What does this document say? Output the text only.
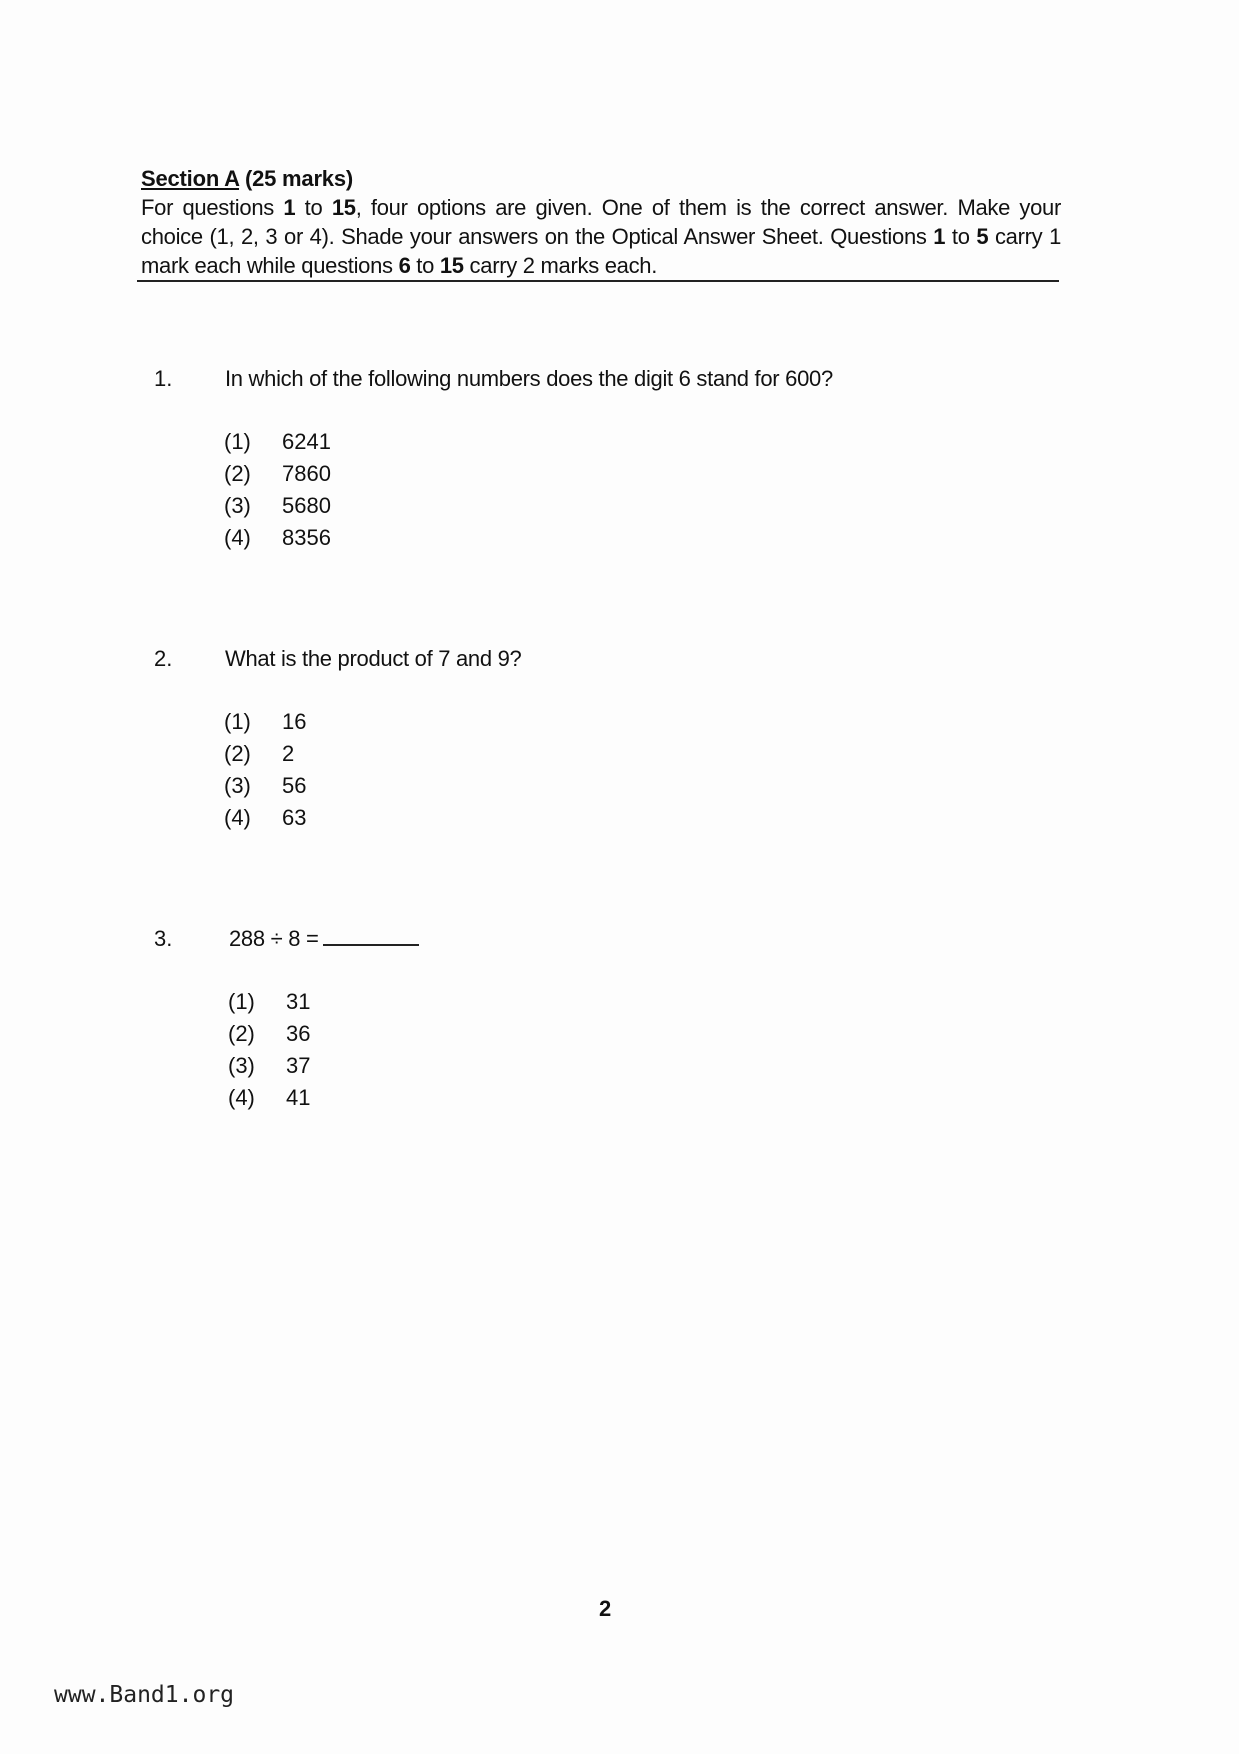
Section A (25 marks)
For questions 1 to 15, four options are given. One of them is the correct answer. Make your choice (1, 2, 3 or 4). Shade your answers on the Optical Answer Sheet. Questions 1 to 5 carry 1 mark each while questions 6 to 15 carry 2 marks each.
1. In which of the following numbers does the digit 6 stand for 600?
(1) 6241
(2) 7860
(3) 5680
(4) 8356
2. What is the product of 7 and 9?
(1) 16
(2) 2
(3) 56
(4) 63
3.	288 ÷ 8 =
(1) 31
(2) 36
(3) 37
(4) 41
2
www.Band1.org
